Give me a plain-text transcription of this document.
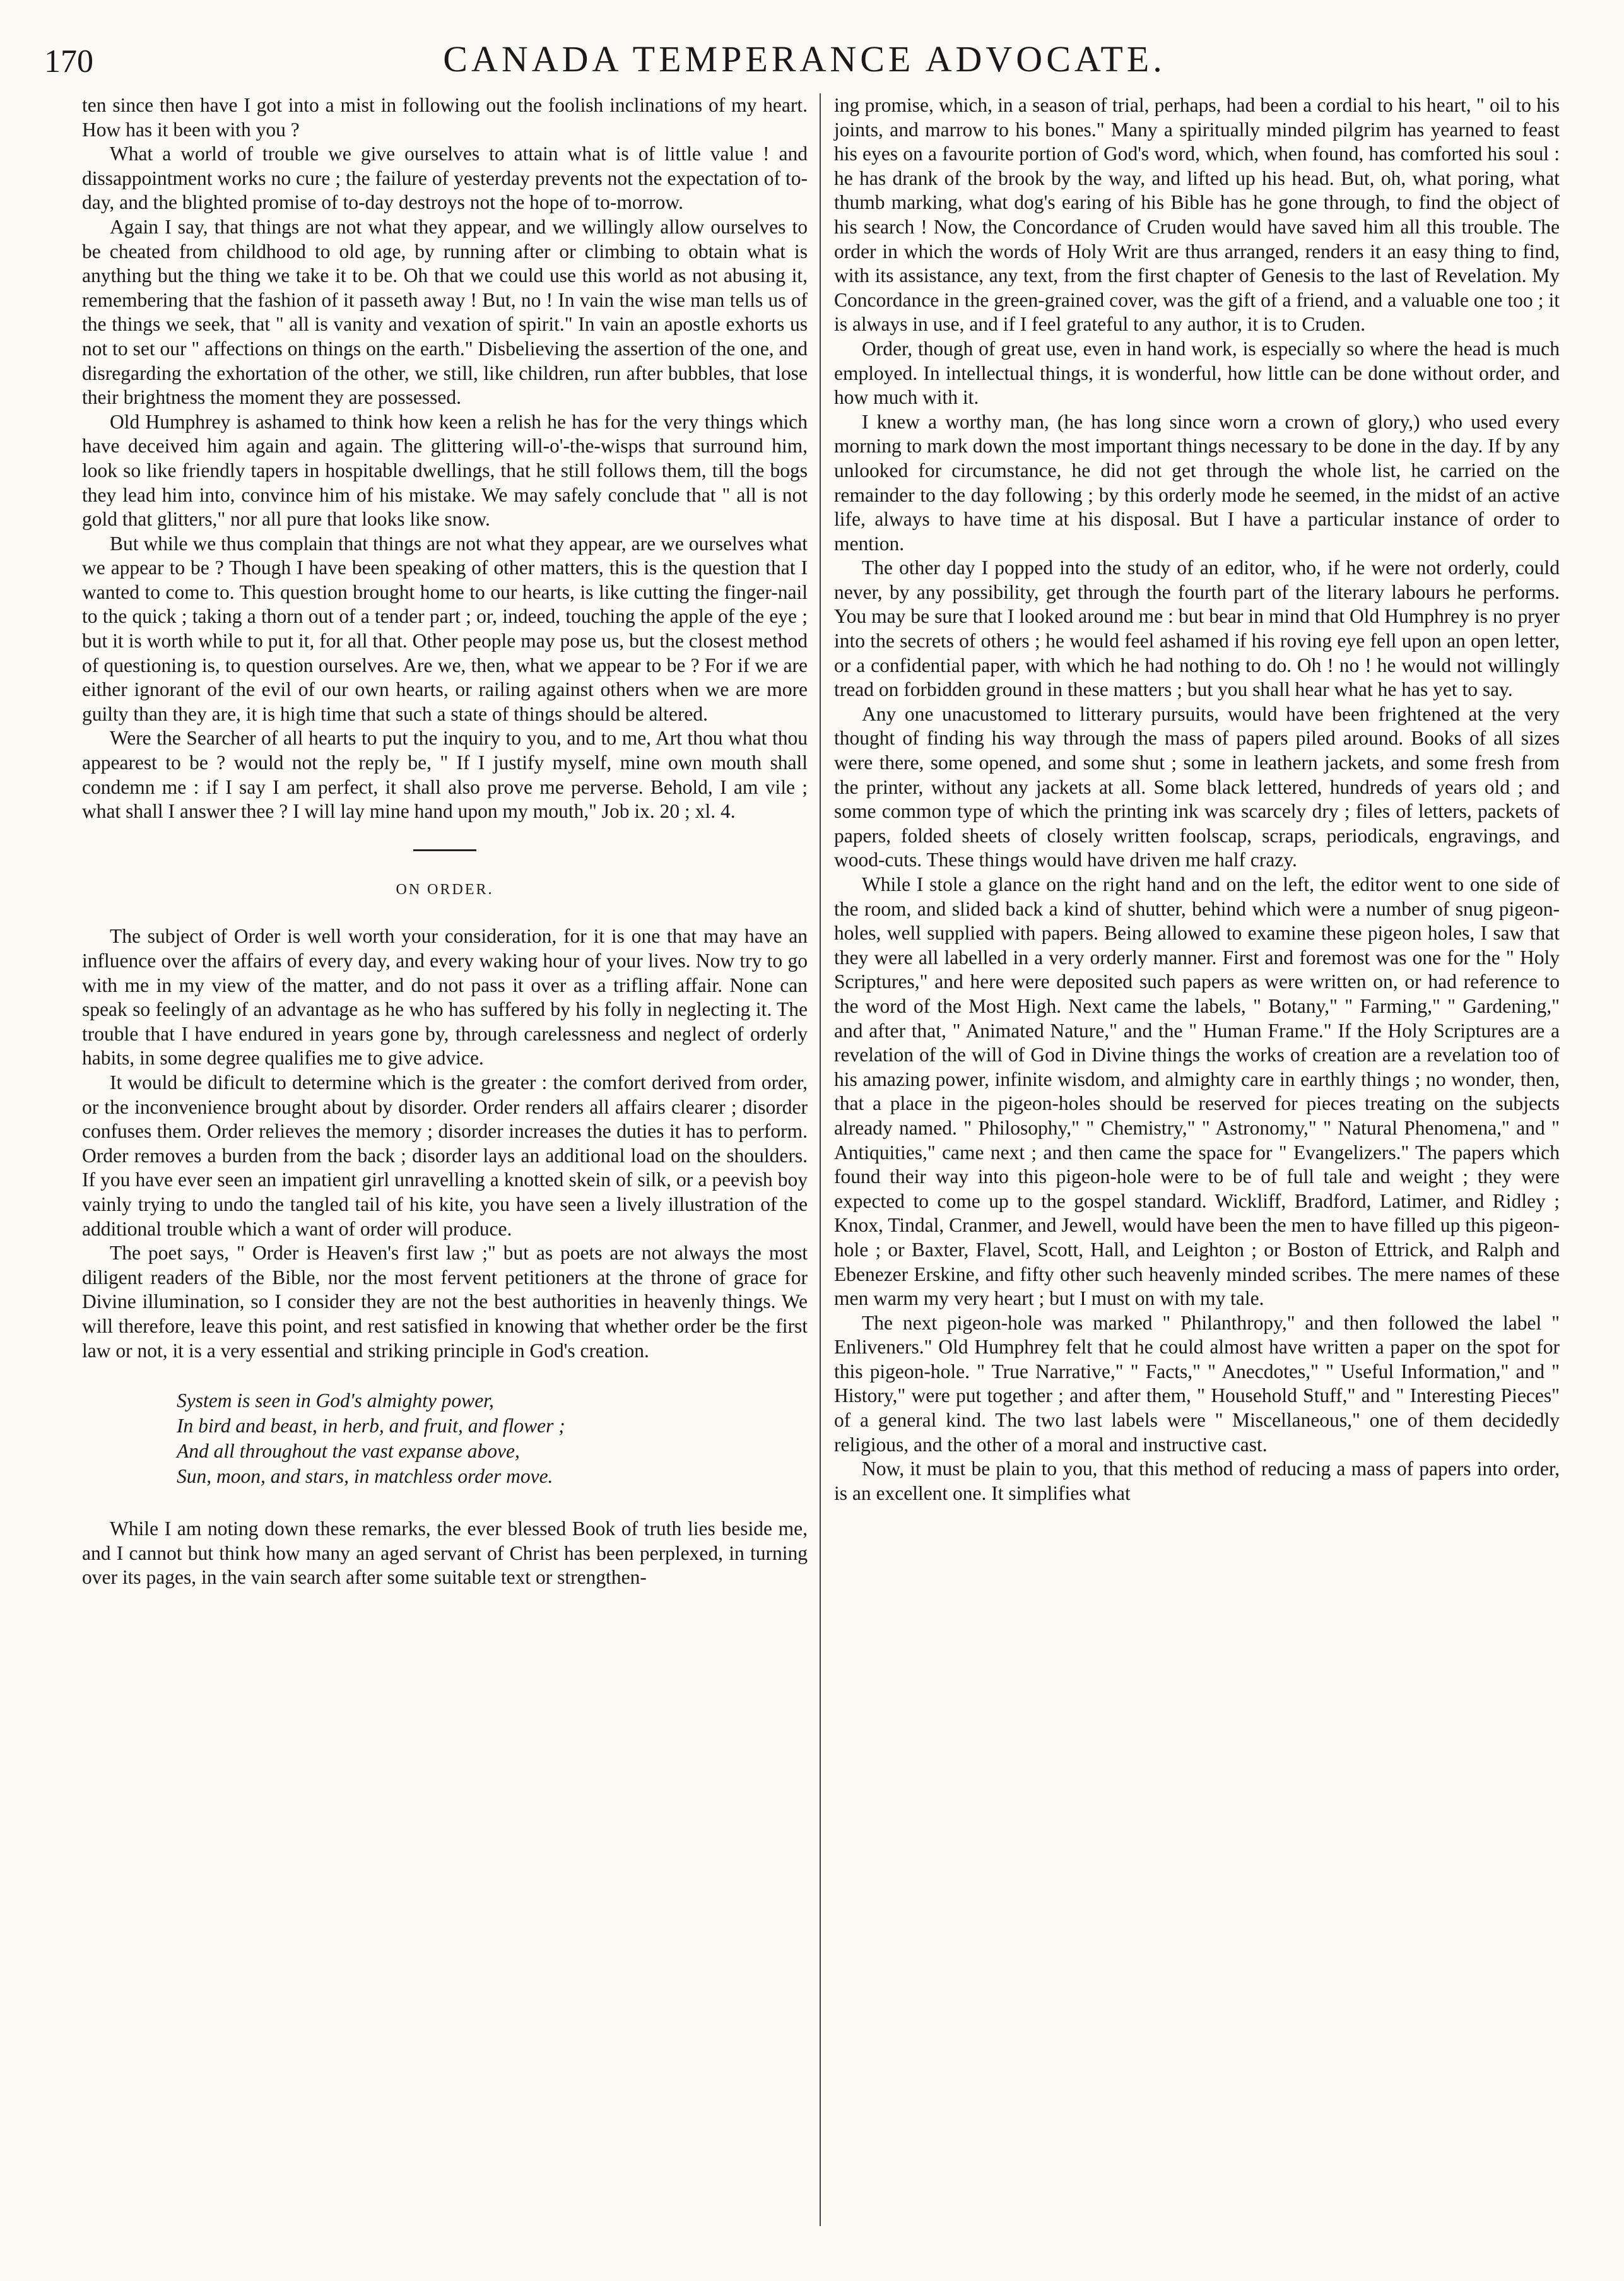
170	CANADA TEMPERANCE ADVOCATE.

ten since then have I got into a mist in following out the foolish inclinations of my heart. How has it been with you ?

What a world of trouble we give ourselves to attain what is of little value ! and dissappointment works no cure ; the failure of yesterday prevents not the expectation of to-day, and the blighted promise of to-day destroys not the hope of to-morrow.

Again I say, that things are not what they appear, and we willingly allow ourselves to be cheated from childhood to old age, by running after or climbing to obtain what is anything but the thing we take it to be. Oh that we could use this world as not abusing it, remembering that the fashion of it passeth away ! But, no ! In vain the wise man tells us of the things we seek, that " all is vanity and vexation of spirit." In vain an apostle exhorts us not to set our " affections on things on the earth." Disbelieving the assertion of the one, and disregarding the exhortation of the other, we still, like children, run after bubbles, that lose their brightness the moment they are possessed.

Old Humphrey is ashamed to think how keen a relish he has for the very things which have deceived him again and again. The glittering will-o'-the-wisps that surround him, look so like friendly tapers in hospitable dwellings, that he still follows them, till the bogs they lead him into, convince him of his mistake. We may safely conclude that " all is not gold that glitters," nor all pure that looks like snow.

But while we thus complain that things are not what they appear, are we ourselves what we appear to be ? Though I have been speaking of other matters, this is the question that I wanted to come to. This question brought home to our hearts, is like cutting the finger-nail to the quick ; taking a thorn out of a tender part ; or, indeed, touching the apple of the eye ; but it is worth while to put it, for all that. Other people may pose us, but the closest method of questioning is, to question ourselves. Are we, then, what we appear to be ? For if we are either ignorant of the evil of our own hearts, or railing against others when we are more guilty than they are, it is high time that such a state of things should be altered.

Were the Searcher of all hearts to put the inquiry to you, and to me, Art thou what thou appearest to be ? would not the reply be, " If I justify myself, mine own mouth shall condemn me : if I say I am perfect, it shall also prove me perverse. Behold, I am vile ; what shall I answer thee ? I will lay mine hand upon my mouth," Job ix. 20 ; xl. 4.

ON ORDER.

The subject of Order is well worth your consideration, for it is one that may have an influence over the affairs of every day, and every waking hour of your lives. Now try to go with me in my view of the matter, and do not pass it over as a trifling affair. None can speak so feelingly of an advantage as he who has suffered by his folly in neglecting it. The trouble that I have endured in years gone by, through carelessness and neglect of orderly habits, in some degree qualifies me to give advice.

It would be dificult to determine which is the greater : the comfort derived from order, or the inconvenience brought about by disorder. Order renders all affairs clearer ; disorder confuses them. Order relieves the memory ; disorder increases the duties it has to perform. Order removes a burden from the back ; disorder lays an additional load on the shoulders. If you have ever seen an impatient girl unravelling a knotted skein of silk, or a peevish boy vainly trying to undo the tangled tail of his kite, you have seen a lively illustration of the additional trouble which a want of order will produce.

The poet says, " Order is Heaven's first law ;" but as poets are not always the most diligent readers of the Bible, nor the most fervent petitioners at the throne of grace for Divine illumination, so I consider they are not the best authorities in heavenly things. We will therefore, leave this point, and rest satisfied in knowing that whether order be the first law or not, it is a very essential and striking principle in God's creation.

System is seen in God's almighty power,
In bird and beast, in herb, and fruit, and flower ;
And all throughout the vast expanse above,
Sun, moon, and stars, in matchless order move.

While I am noting down these remarks, the ever blessed Book of truth lies beside me, and I cannot but think how many an aged servant of Christ has been perplexed, in turning over its pages, in the vain search after some suitable text or strengthen-

ing promise, which, in a season of trial, perhaps, had been a cordial to his heart, " oil to his joints, and marrow to his bones." Many a spiritually minded pilgrim has yearned to feast his eyes on a favourite portion of God's word, which, when found, has comforted his soul : he has drank of the brook by the way, and lifted up his head. But, oh, what poring, what thumb marking, what dog's earing of his Bible has he gone through, to find the object of his search ! Now, the Concordance of Cruden would have saved him all this trouble. The order in which the words of Holy Writ are thus arranged, renders it an easy thing to find, with its assistance, any text, from the first chapter of Genesis to the last of Revelation. My Concordance in the green-grained cover, was the gift of a friend, and a valuable one too ; it is always in use, and if I feel grateful to any author, it is to Cruden.

Order, though of great use, even in hand work, is especially so where the head is much employed. In intellectual things, it is wonderful, how little can be done without order, and how much with it.

I knew a worthy man, (he has long since worn a crown of glory,) who used every morning to mark down the most important things necessary to be done in the day. If by any unlooked for circumstance, he did not get through the whole list, he carried on the remainder to the day following ; by this orderly mode he seemed, in the midst of an active life, always to have time at his disposal. But I have a particular instance of order to mention.

The other day I popped into the study of an editor, who, if he were not orderly, could never, by any possibility, get through the fourth part of the literary labours he performs. You may be sure that I looked around me : but bear in mind that Old Humphrey is no pryer into the secrets of others ; he would feel ashamed if his roving eye fell upon an open letter, or a confidential paper, with which he had nothing to do. Oh ! no ! he would not willingly tread on forbidden ground in these matters ; but you shall hear what he has yet to say.

Any one unacustomed to litterary pursuits, would have been frightened at the very thought of finding his way through the mass of papers piled around. Books of all sizes were there, some opened, and some shut ; some in leathern jackets, and some fresh from the printer, without any jackets at all. Some black lettered, hundreds of years old ; and some common type of which the printing ink was scarcely dry ; files of letters, packets of papers, folded sheets of closely written foolscap, scraps, periodicals, engravings, and wood-cuts. These things would have driven me half crazy.

While I stole a glance on the right hand and on the left, the editor went to one side of the room, and slided back a kind of shutter, behind which were a number of snug pigeon-holes, well supplied with papers. Being allowed to examine these pigeon holes, I saw that they were all labelled in a very orderly manner. First and foremost was one for the " Holy Scriptures," and here were deposited such papers as were written on, or had reference to the word of the Most High. Next came the labels, " Botany," " Farming," " Gardening," and after that, " Animated Nature," and the " Human Frame." If the Holy Scriptures are a revelation of the will of God in Divine things the works of creation are a revelation too of his amazing power, infinite wisdom, and almighty care in earthly things ; no wonder, then, that a place in the pigeon-holes should be reserved for pieces treating on the subjects already named. " Philosophy," " Chemistry," " Astronomy," " Natural Phenomena," and " Antiquities," came next ; and then came the space for " Evangelizers." The papers which found their way into this pigeon-hole were to be of full tale and weight ; they were expected to come up to the gospel standard. Wickliff, Bradford, Latimer, and Ridley ; Knox, Tindal, Cranmer, and Jewell, would have been the men to have filled up this pigeon-hole ; or Baxter, Flavel, Scott, Hall, and Leighton ; or Boston of Ettrick, and Ralph and Ebenezer Erskine, and fifty other such heavenly minded scribes. The mere names of these men warm my very heart ; but I must on with my tale.

The next pigeon-hole was marked " Philanthropy," and then followed the label " Enliveners." Old Humphrey felt that he could almost have written a paper on the spot for this pigeon-hole. " True Narrative," " Facts," " Anecdotes," " Useful Information," and " History," were put together ; and after them, " Household Stuff," and " Interesting Pieces" of a general kind. The two last labels were " Miscellaneous," one of them decidedly religious, and the other of a moral and instructive cast.

Now, it must be plain to you, that this method of reducing a mass of papers into order, is an excellent one. It simplifies what
